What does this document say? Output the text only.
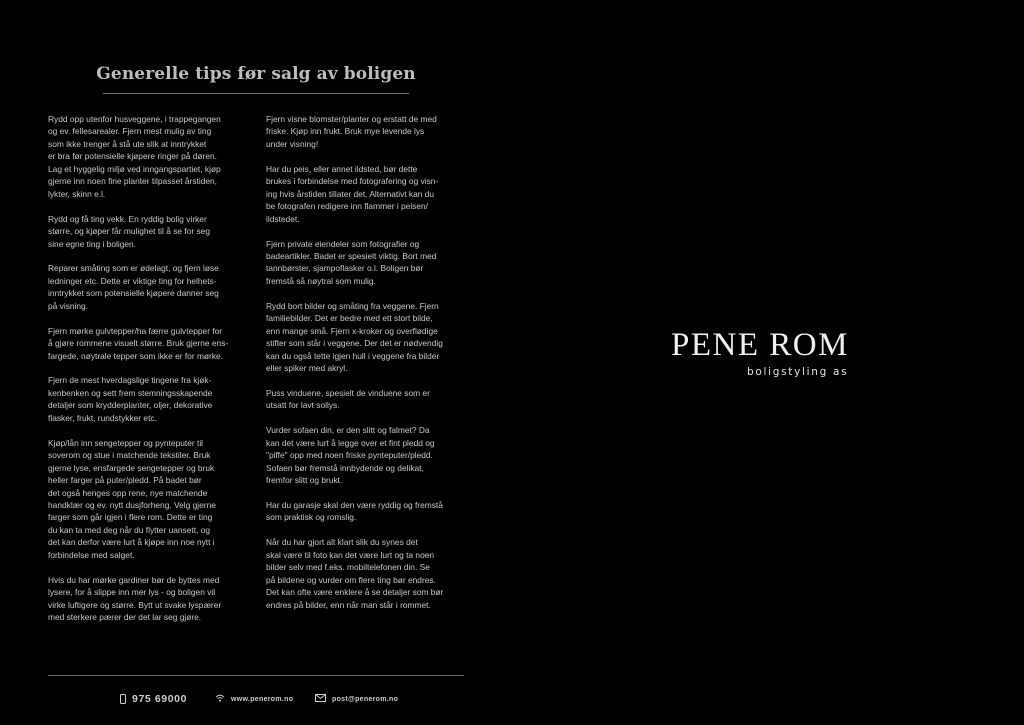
Generelle tips før salg av boligen

Rydd opp utenfor husveggene, i trappegangen
og ev. fellesarealer. Fjern mest mulig av ting
som ikke trenger å stå ute slik at inntrykket
er bra før potensielle kjøpere ringer på døren.
Lag et hyggelig miljø ved inngangspartiet, kjøp
gjerne inn noen fine planter tilpasset årstiden,
lykter, skinn e.l.

Rydd og få ting vekk. En ryddig bolig virker
større, og kjøper får mulighet til å se for seg
sine egne ting i boligen.

Reparer småting som er ødelagt, og fjern løse
ledninger etc. Dette er viktige ting for helhets-
inntrykket som potensielle kjøpere danner seg
på visning.

Fjern mørke gulvtepper/ha færre gulvtepper for
å gjøre rommene visuelt større. Bruk gjerne ens-
fargede, nøytrale tepper som ikke er for mørke.

Fjern de mest hverdagslige tingene fra kjøk-
kenbenken og sett frem stemningsskapende
detaljer som krydderplanter, oljer, dekorative
flasker, frukt, rundstykker etc.

Kjøp/lån inn sengetepper og pynteputer til
soverom og stue i matchende tekstiler. Bruk
gjerne lyse, ensfargede sengetepper og bruk
heller farger på puter/pledd. På badet bør
det også henges opp rene, nye matchende
handklær og ev. nytt dusjforheng. Velg gjerne
farger som går igjen i flere rom. Dette er ting
du kan ta med deg når du flytter uansett, og
det kan derfor være lurt å kjøpe inn noe nytt i
forbindelse med salget.

Hvis du har mørke gardiner bør de byttes med
lysere, for å slippe inn mer lys - og boligen vil
virke luftigere og større. Bytt ut svake lyspærer
med sterkere pærer der det lar seg gjøre.

Fjern visne blomster/planter og erstatt de med
friske. Kjøp inn frukt. Bruk mye levende lys
under visning!

Har du peis, eller annet ildsted, bør dette
brukes i forbindelse med fotografering og visn-
ing hvis årstiden tillater det. Alternativt kan du
be fotografen redigere inn flammer i peisen/
ildstedet.

Fjern private eiendeler som fotografier og
badeartikler. Badet er spesielt viktig. Bort med
tannbørster, sjampoflasker o.l. Boligen bør
fremstå så nøytral som mulig.

Rydd bort bilder og småting fra veggene. Fjern
familiebilder. Det er bedre med ett stort bilde,
enn mange små. Fjern x-kroker og overflødige
stifter som står i veggene. Der det er nødvendig
kan du også tette igjen hull i veggene fra bilder
eller spiker med akryl.

Puss vinduene, spesielt de vinduene som er
utsatt for lavt sollys.

Vurder sofaen din, er den slitt og falmet? Da
kan det være lurt å legge over et fint pledd og
"piffe" opp med noen friske pynteputer/pledd.
Sofaen bør fremstå innbydende og delikat,
fremfor slitt og brukt.

Har du garasje skal den være ryddig og fremstå
som praktisk og romslig.

Når du har gjort alt klart slik du synes det
skal være til foto kan det være lurt og ta noen
bilder selv med f.eks. mobiltelefonen din. Se
på bildene og vurder om flere ting bør endres.
Det kan ofte være enklere å se detaljer som bør
endres på bilder, enn når man står i rommet.

975 69000	www.penerom.no	post@penerom.no
PENE ROM
boligstyling as
